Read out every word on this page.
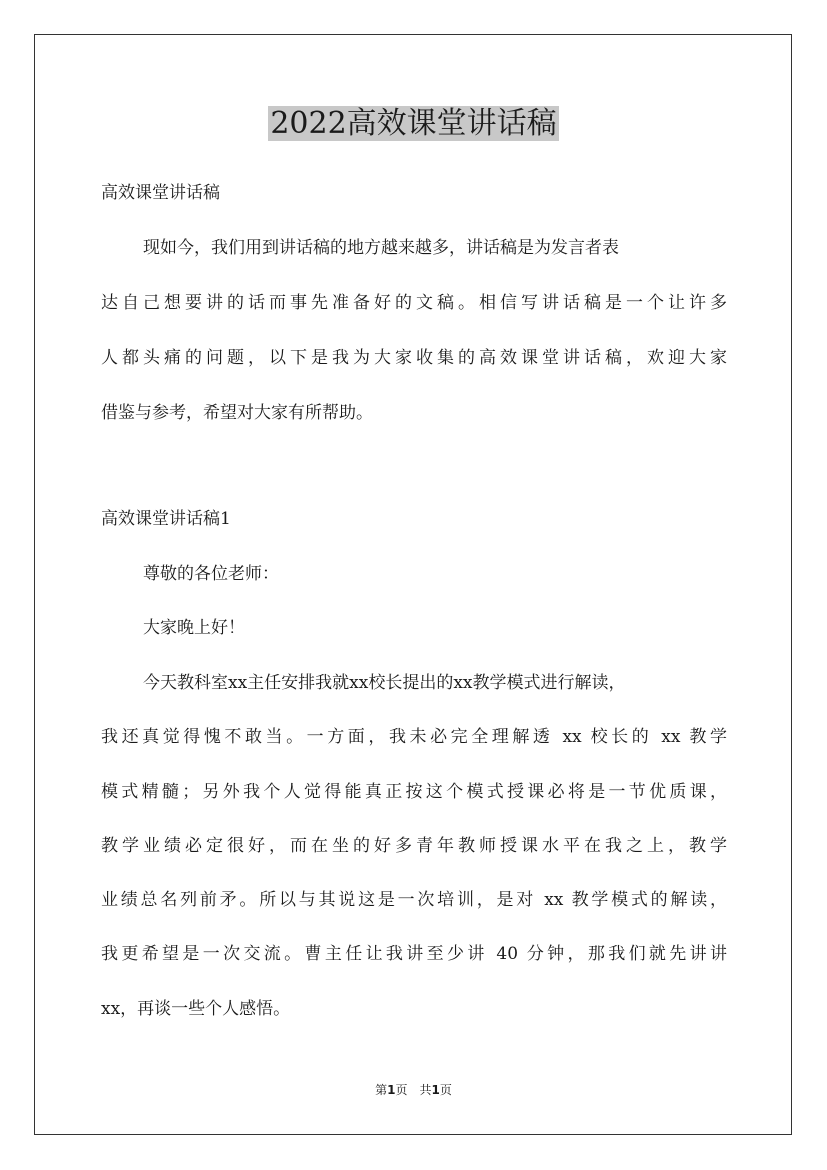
2022高效课堂讲话稿
高效课堂讲话稿
现如今，我们用到讲话稿的地方越来越多，讲话稿是为发言者表
达自己想要讲的话而事先准备好的文稿。相信写讲话稿是一个让许多
人都头痛的问题，以下是我为大家收集的高效课堂讲话稿，欢迎大家
借鉴与参考，希望对大家有所帮助。
高效课堂讲话稿1
尊敬的各位老师：
大家晚上好！
今天教科室xx主任安排我就xx校长提出的xx教学模式进行解读，
我还真觉得愧不敢当。一方面，我未必完全理解透 xx 校长的 xx 教学
模式精髓；另外我个人觉得能真正按这个模式授课必将是一节优质课，
教学业绩必定很好，而在坐的好多青年教师授课水平在我之上，教学
业绩总名列前矛。所以与其说这是一次培训，是对 xx 教学模式的解读，
我更希望是一次交流。曹主任让我讲至少讲 40 分钟，那我们就先讲讲
xx，再谈一些个人感悟。
第1页 共1页
